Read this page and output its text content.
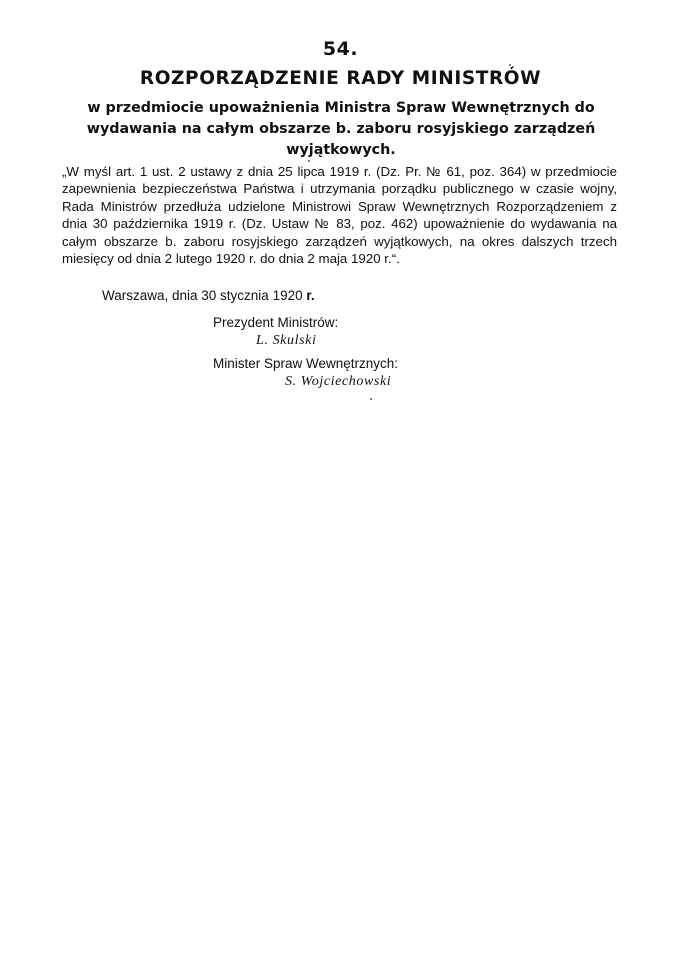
54.
ROZPORZĄDZENIE RADY MINISTRÓW
w przedmiocie upoważnienia Ministra Spraw Wewnętrznych do wydawania na całym obszarze b. zaboru rosyjskiego zarządzeń wyjątkowych.

„W myśl art. 1 ust. 2 ustawy z dnia 25 lipca 1919 r. (Dz. Pr. № 61, poz. 364) w przedmiocie zapewnienia bezpieczeństwa Państwa i utrzymania porządku publicznego w czasie wojny, Rada Ministrów przedłuża udzielone Ministrowi Spraw Wewnętrznych Rozporządzeniem z dnia 30 października 1919 r. (Dz. Ustaw № 83, poz. 462) upoważnienie do wydawania na całym obszarze b. zaboru rosyjskiego zarządzeń wyjątkowych, na okres dalszych trzech miesięcy od dnia 2 lutego 1920 r. do dnia 2 maja 1920 r.“.

Warszawa, dnia 30 stycznia 1920 r.
Prezydent Ministrów:
L. Skulski
Minister Spraw Wewnętrznych:
S. Wojciechowski
